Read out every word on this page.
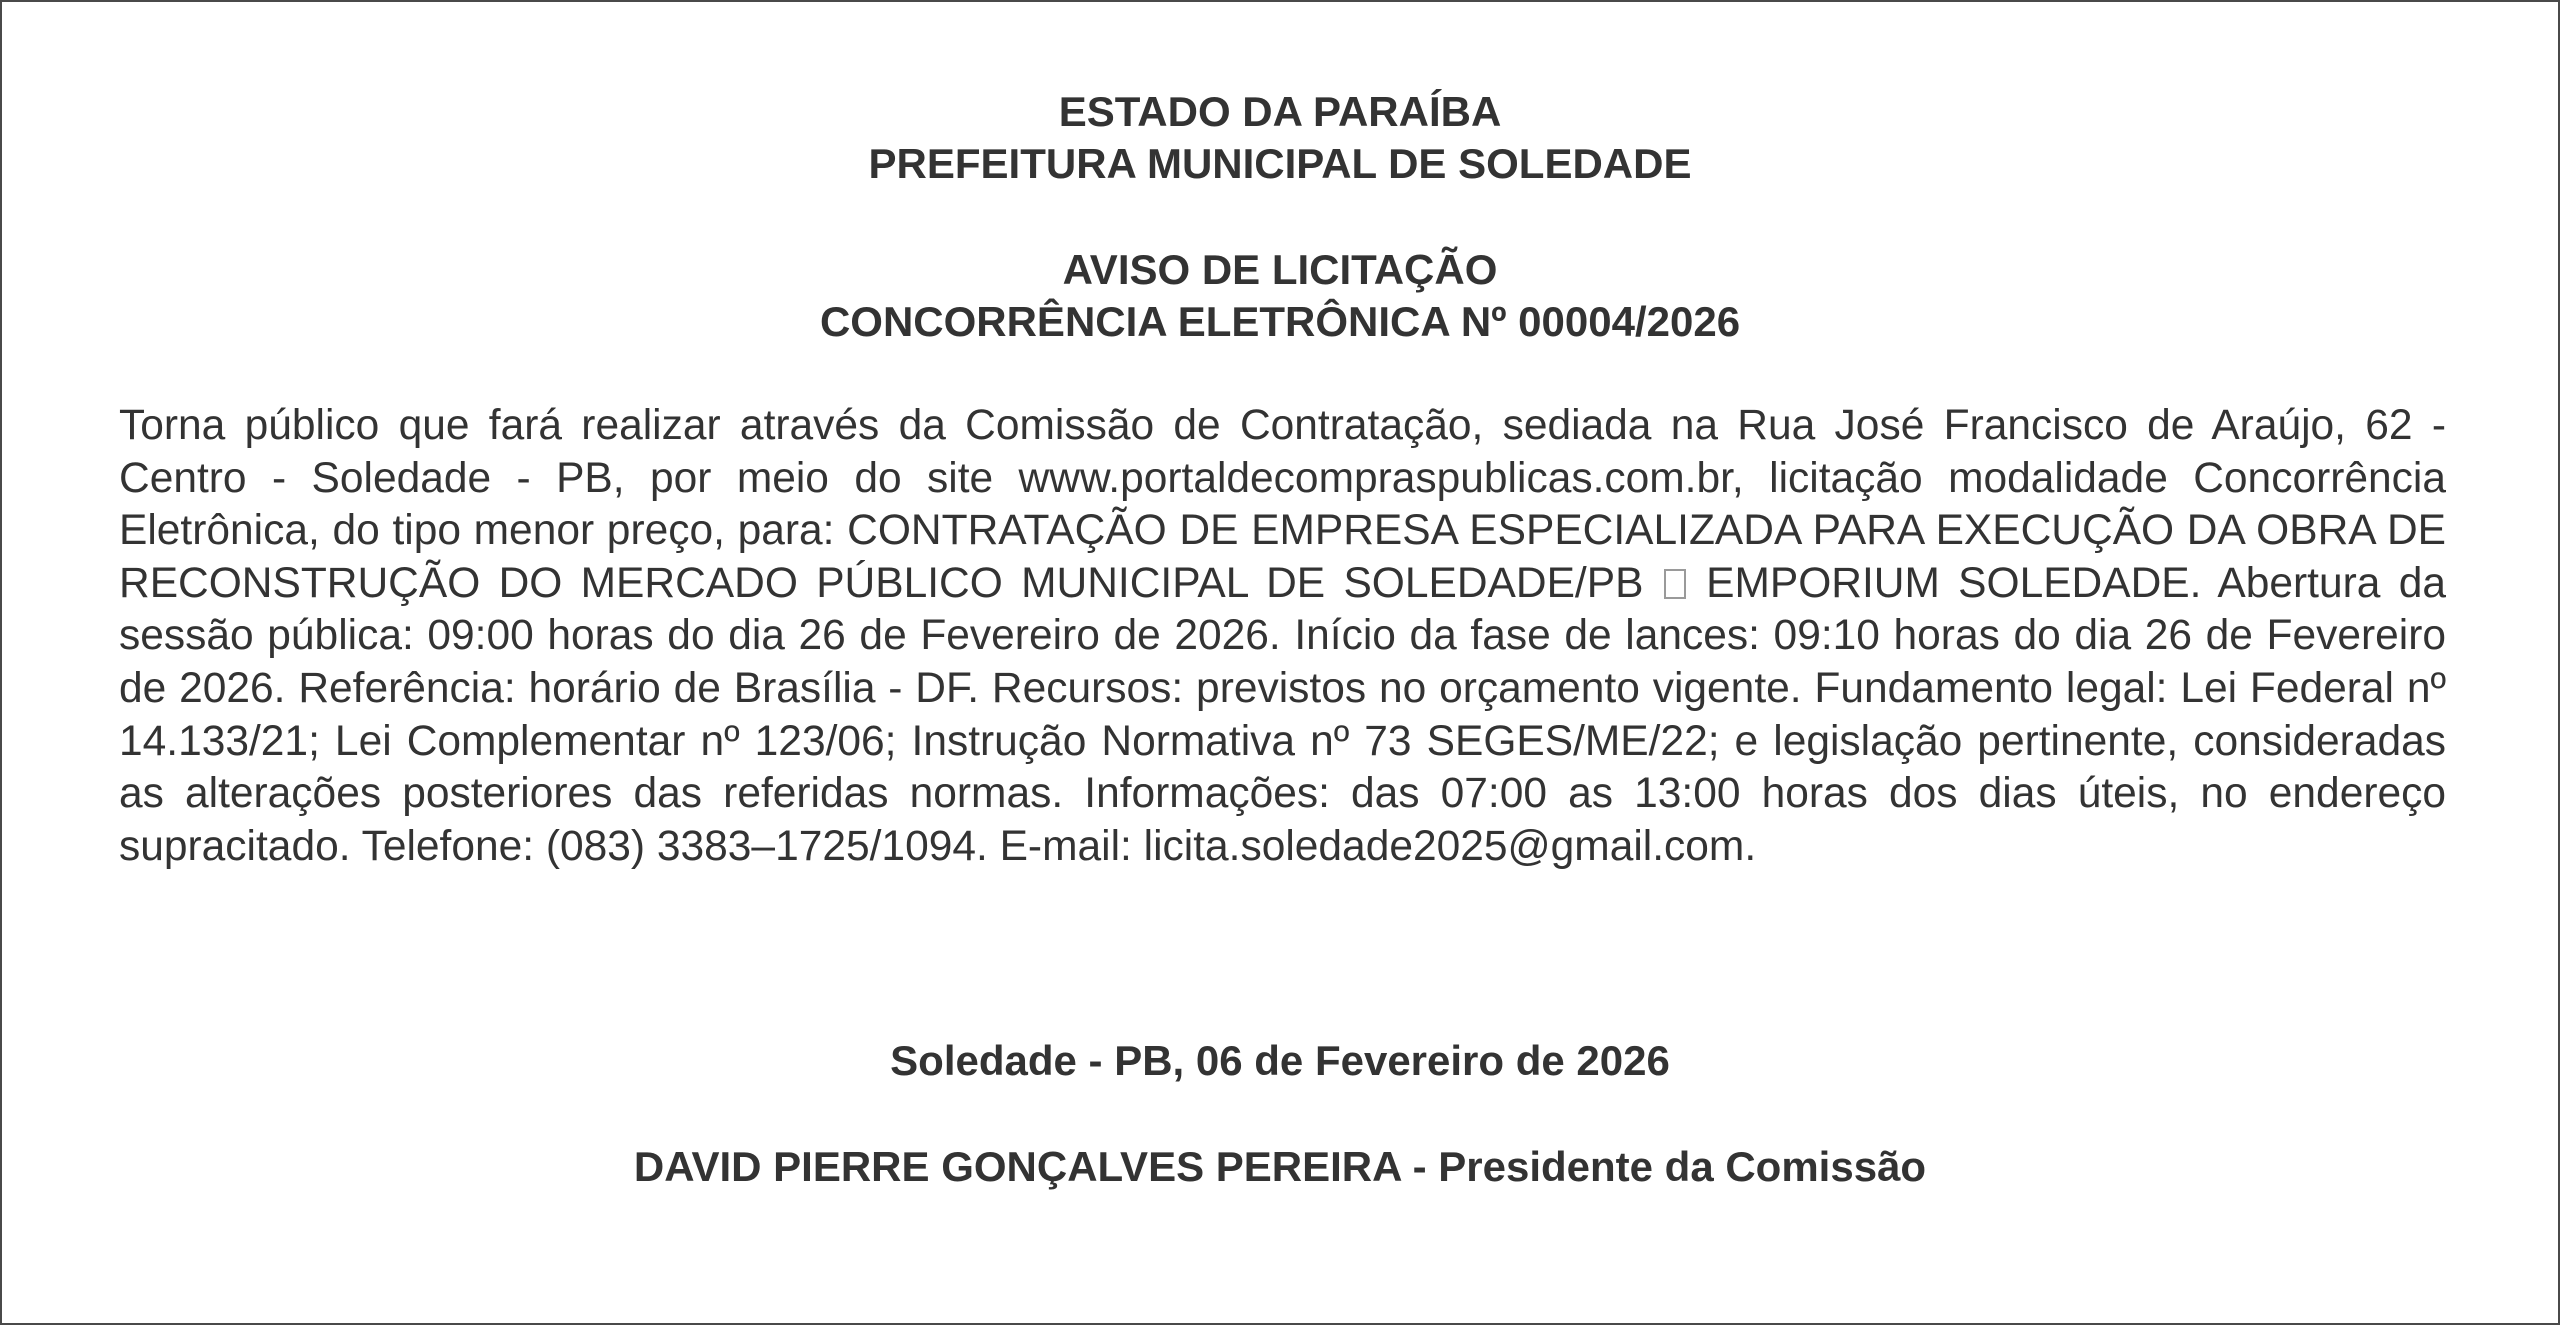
ESTADO DA PARAÍBA
PREFEITURA MUNICIPAL DE SOLEDADE
AVISO DE LICITAÇÃO
CONCORRÊNCIA ELETRÔNICA Nº 00004/2026

Torna público que fará realizar através da Comissão de Contratação, sediada na Rua José Francisco de Araújo, 62 - Centro - Soledade - PB, por meio do site www.portaldecompraspublicas.com.br, licitação modalidade Concorrência Eletrônica, do tipo menor preço, para: CONTRATAÇÃO DE EMPRESA ESPECIALIZADA PARA EXECUÇÃO DA OBRA DE RECONSTRUÇÃO DO MERCADO PÚBLICO MUNICIPAL DE SOLEDADE/PB EMPORIUM SOLEDADE. Abertura da sessão pública: 09:00 horas do dia 26 de Fevereiro de 2026. Início da fase de lances: 09:10 horas do dia 26 de Fevereiro de 2026. Referência: horário de Brasília - DF. Recursos: previstos no orçamento vigente. Fundamento legal: Lei Federal nº 14.133/21; Lei Complementar nº 123/06; Instrução Normativa nº 73 SEGES/ME/22; e legislação pertinente, consideradas as alterações posteriores das referidas normas. Informações: das 07:00 as 13:00 horas dos dias úteis, no endereço supracitado. Telefone: (083) 3383–1725/1094. E-mail: licita.soledade2025@gmail.com.

Soledade - PB, 06 de Fevereiro de 2026
DAVID PIERRE GONÇALVES PEREIRA - Presidente da Comissão
